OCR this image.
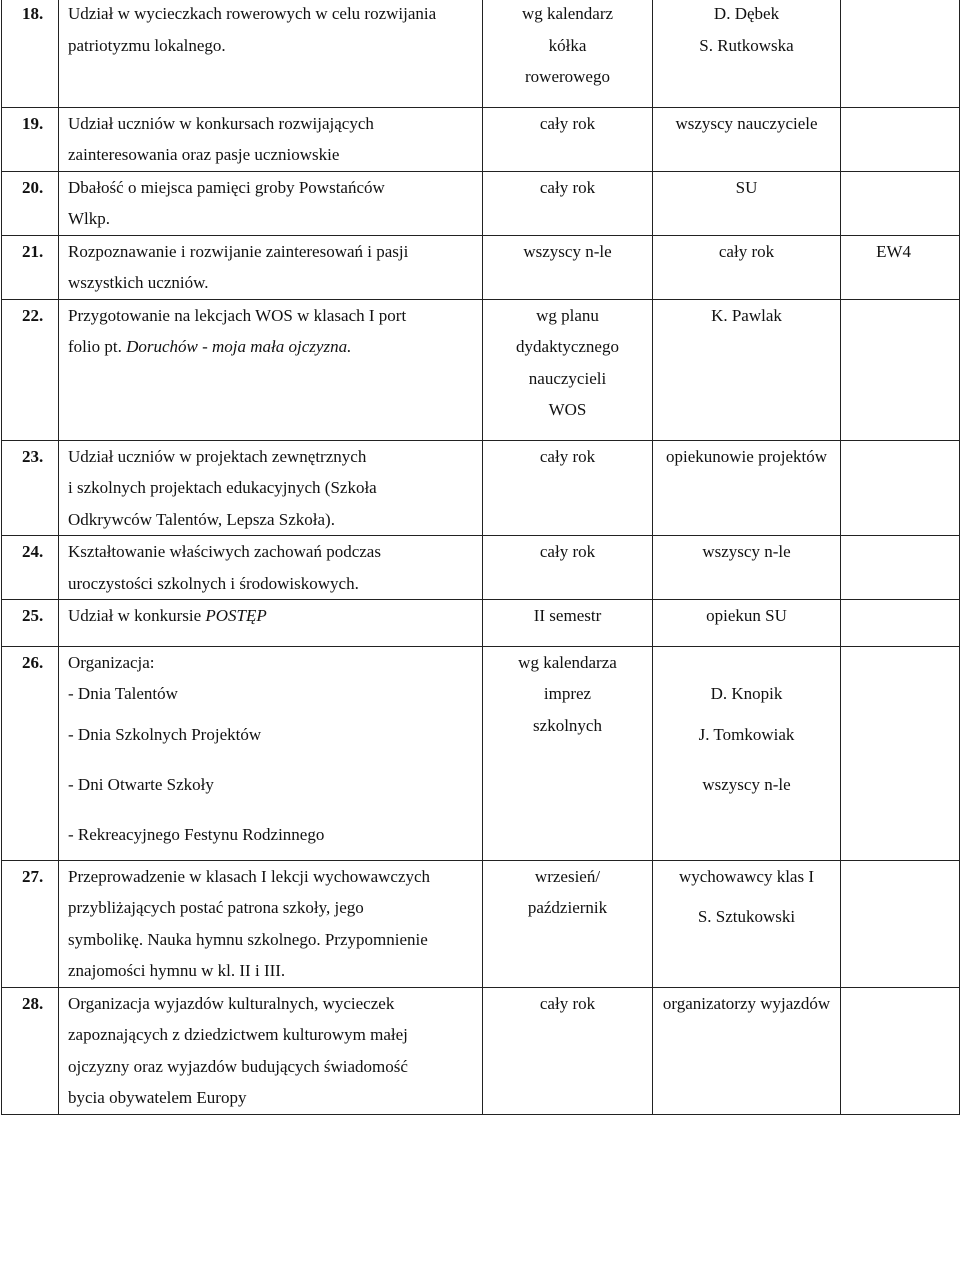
18.	Udział w wycieczkach rowerowych w celu rozwijania
patriotyzmu lokalnego.	wg kalendarz
kółka
rowerowego	D. Dębek
S. Rutkowska	

19.	Udział uczniów w konkursach rozwijających
zainteresowania oraz pasje uczniowskie	cały rok	wszyscy nauczyciele	

20.	Dbałość o miejsca pamięci groby Powstańców
Wlkp.	cały rok	SU	

21.	Rozpoznawanie i rozwijanie zainteresowań i pasji
wszystkich uczniów.	wszyscy n-le	cały rok	EW4
22.	Przygotowanie na lekcjach WOS w klasach I port
folio pt. Doruchów - moja mała ojczyzna.	wg planu
dydaktycznego
nauczycieli
WOS	K. Pawlak	

23.	Udział uczniów w projektach zewnętrznych
i szkolnych projektach edukacyjnych (Szkoła
Odkrywców Talentów, Lepsza Szkoła).	cały rok	opiekunowie projektów	

24.	Kształtowanie właściwych zachowań podczas
uroczystości szkolnych i środowiskowych.	cały rok	wszyscy n-le	

25.	Udział w konkursie POSTĘP	II semestr	opiekun SU	

26.	Organizacja:
- Dnia Talentów
- Dnia Szkolnych Projektów
- Dni Otwarte Szkoły
- Rekreacyjnego Festynu Rodzinnego	wg kalendarza
imprez
szkolnych	D. Knopik
J. Tomkowiak
wszyscy n-le	

27.	Przeprowadzenie w klasach I lekcji wychowawczych
przybliżających postać patrona szkoły, jego
symbolikę. Nauka hymnu szkolnego. Przypomnienie
znajomości hymnu w kl. II i III.	wrzesień/
październik	wychowawcy klas I
S. Sztukowski	

28.	Organizacja wyjazdów kulturalnych, wycieczek
zapoznających z dziedzictwem kulturowym małej
ojczyzny oraz wyjazdów budujących świadomość
bycia obywatelem Europy	cały rok	organizatorzy wyjazdów	
